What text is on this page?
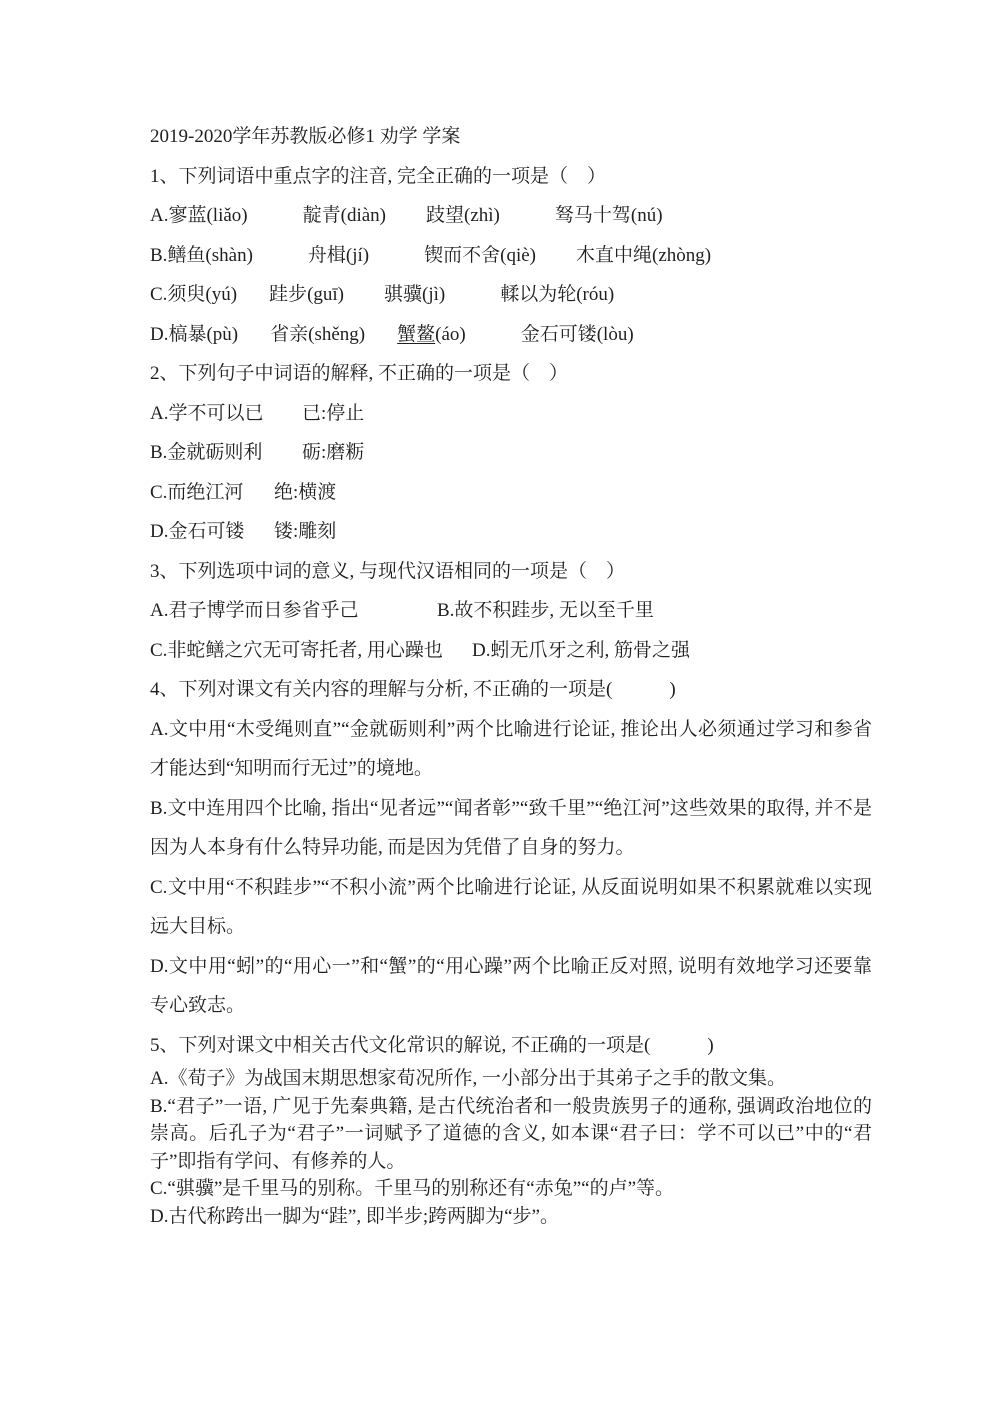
2019-2020学年苏教版必修1 劝学 学案

1、下列词语中重点字的注音, 完全正确的一项是（　）

A.寥蓝(liǎo)	靛青(diàn) 跂望(zhì)	驽马十驾(nú)

B.鳝鱼(shàn)	舟楫(jí)	锲而不舍(qiè) 木直中绳(zhòng)

C.须臾(yú) 跬步(guī) 骐骥(jì)	輮以为轮(róu)

D.槁暴(pù) 省亲(shěng) 蟹鳌(áo)	金石可镂(lòu)

2、下列句子中词语的解释, 不正确的一项是（　）

A.学不可以已 已:停止

B.金就砺则利 砺:磨粝

C.而绝江河 绝:横渡

D.金石可镂 镂:雕刻

3、下列选项中词的意义, 与现代汉语相同的一项是（　）

A.君子博学而日参省乎己	B.故不积跬步, 无以至千里

C.非蛇鳝之穴无可寄托者, 用心躁也 D.蚓无爪牙之利, 筋骨之强

4、下列对课文有关内容的理解与分析, 不正确的一项是(　　　)

A.文中用“木受绳则直”“金就砺则利”两个比喻进行论证, 推论出人必须通过学习和参省才能达到“知明而行无过”的境地。

B.文中连用四个比喻, 指出“见者远”“闻者彰”“致千里”“绝江河”这些效果的取得, 并不是因为人本身有什么特异功能, 而是因为凭借了自身的努力。

C.文中用“不积跬步”“不积小流”两个比喻进行论证, 从反面说明如果不积累就难以实现远大目标。

D.文中用“蚓”的“用心一”和“蟹”的“用心躁”两个比喻正反对照, 说明有效地学习还要靠专心致志。

5、下列对课文中相关古代文化常识的解说, 不正确的一项是(　　　)

A.《荀子》为战国末期思想家荀况所作, 一小部分出于其弟子之手的散文集。

B.“君子”一语, 广见于先秦典籍, 是古代统治者和一般贵族男子的通称, 强调政治地位的崇高。后孔子为“君子”一词赋予了道德的含义, 如本课“君子曰：学不可以已”中的“君子”即指有学问、有修养的人。

C.“骐骥”是千里马的别称。千里马的别称还有“赤兔”“的卢”等。

D.古代称跨出一脚为“跬”, 即半步;跨两脚为“步”。
